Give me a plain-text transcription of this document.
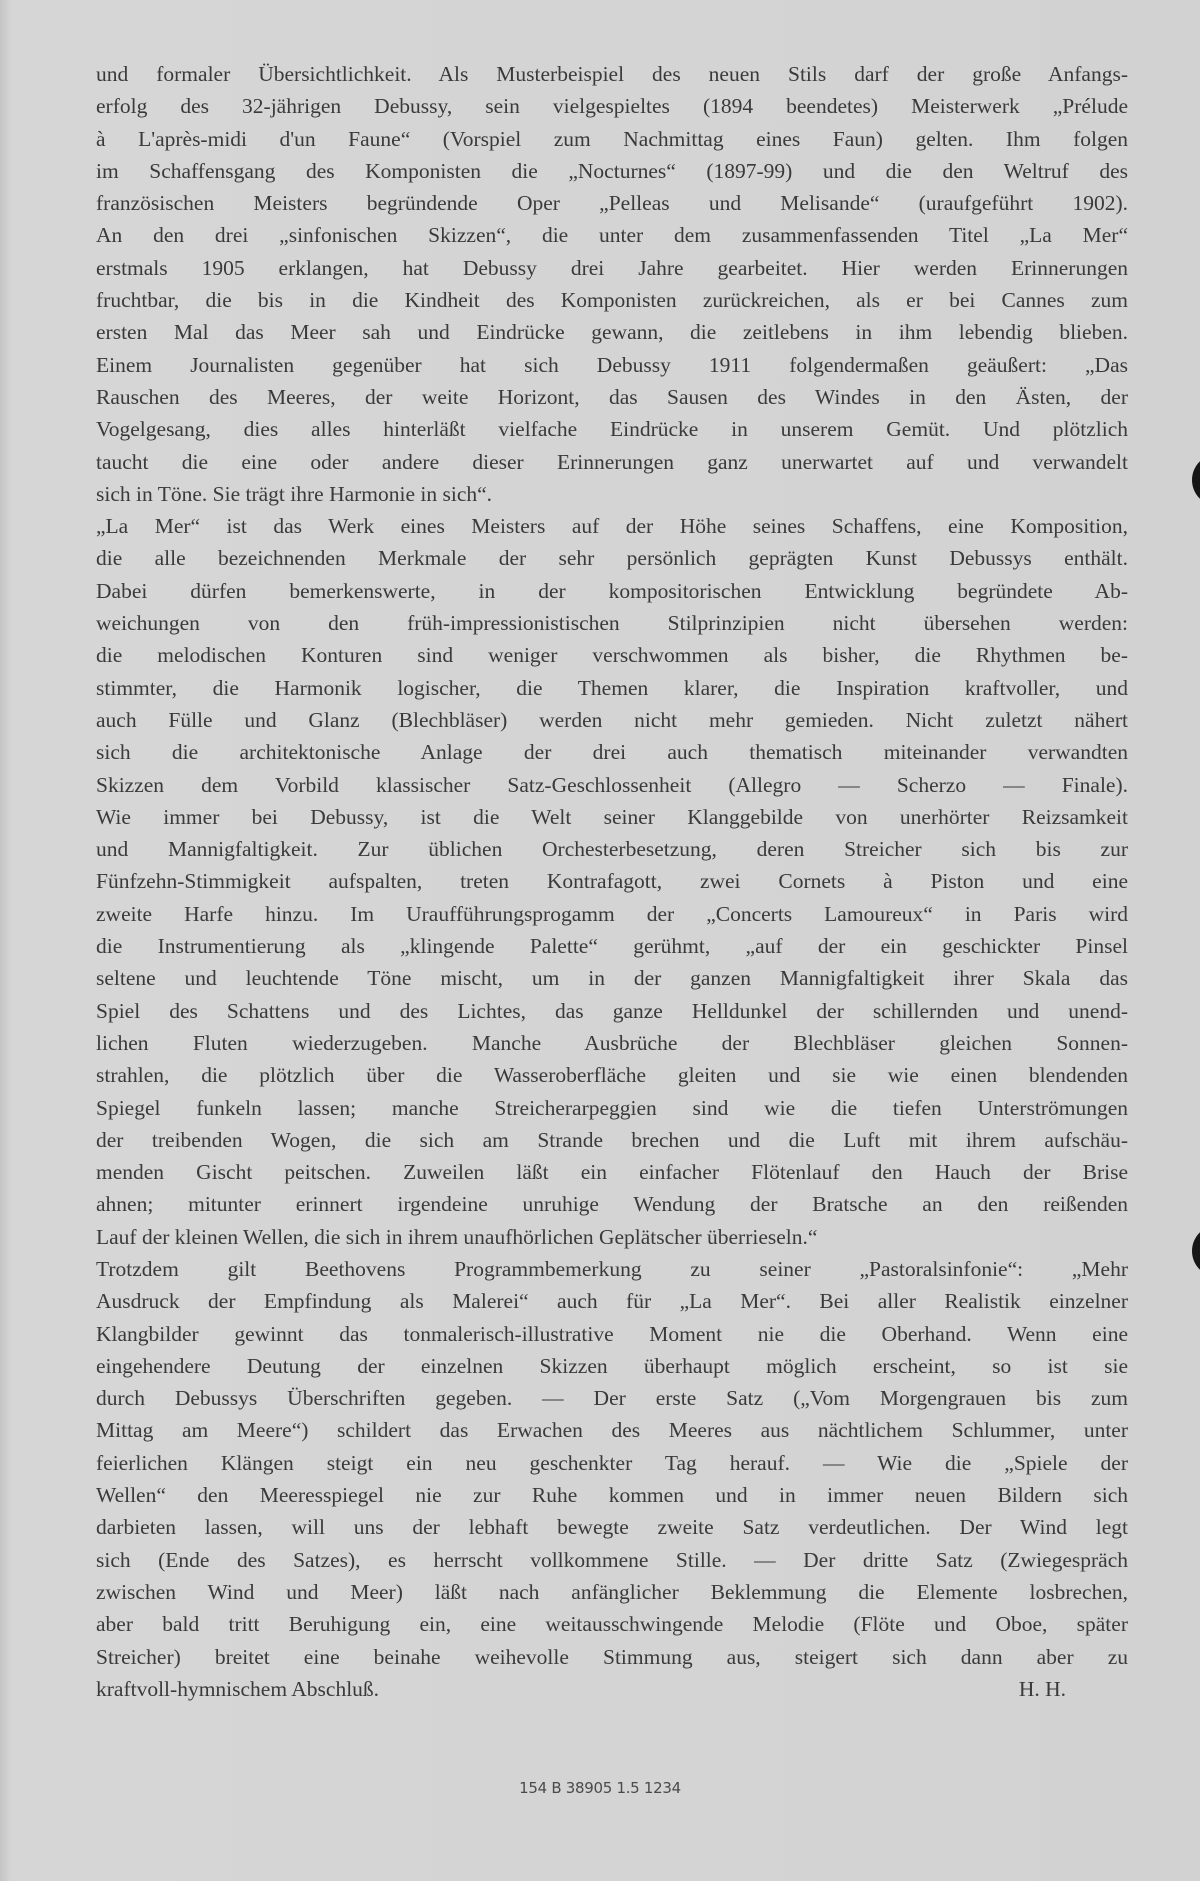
und formaler Übersichtlichkeit. Als Musterbeispiel des neuen Stils darf der große Anfangs-
erfolg des 32-jährigen Debussy, sein vielgespieltes (1894 beendetes) Meisterwerk „Prélude
à L'après-midi d'un Faune“ (Vorspiel zum Nachmittag eines Faun) gelten. Ihm folgen
im Schaffensgang des Komponisten die „Nocturnes“ (1897-99) und die den Weltruf des
französischen Meisters begründende Oper „Pelleas und Melisande“ (uraufgeführt 1902).
An den drei „sinfonischen Skizzen“, die unter dem zusammenfassenden Titel „La Mer“
erstmals 1905 erklangen, hat Debussy drei Jahre gearbeitet. Hier werden Erinnerungen
fruchtbar, die bis in die Kindheit des Komponisten zurückreichen, als er bei Cannes zum
ersten Mal das Meer sah und Eindrücke gewann, die zeitlebens in ihm lebendig blieben.
Einem Journalisten gegenüber hat sich Debussy 1911 folgendermaßen geäußert: „Das
Rauschen des Meeres, der weite Horizont, das Sausen des Windes in den Ästen, der
Vogelgesang, dies alles hinterläßt vielfache Eindrücke in unserem Gemüt. Und plötzlich
taucht die eine oder andere dieser Erinnerungen ganz unerwartet auf und verwandelt
sich in Töne. Sie trägt ihre Harmonie in sich“.
„La Mer“ ist das Werk eines Meisters auf der Höhe seines Schaffens, eine Komposition,
die alle bezeichnenden Merkmale der sehr persönlich geprägten Kunst Debussys enthält.
Dabei dürfen bemerkenswerte, in der kompositorischen Entwicklung begründete Ab-
weichungen von den früh-impressionistischen Stilprinzipien nicht übersehen werden:
die melodischen Konturen sind weniger verschwommen als bisher, die Rhythmen be-
stimmter, die Harmonik logischer, die Themen klarer, die Inspiration kraftvoller, und
auch Fülle und Glanz (Blechbläser) werden nicht mehr gemieden. Nicht zuletzt nähert
sich die architektonische Anlage der drei auch thematisch miteinander verwandten
Skizzen dem Vorbild klassischer Satz-Geschlossenheit (Allegro — Scherzo — Finale).
Wie immer bei Debussy, ist die Welt seiner Klanggebilde von unerhörter Reizsamkeit
und Mannigfaltigkeit. Zur üblichen Orchesterbesetzung, deren Streicher sich bis zur
Fünfzehn-Stimmigkeit aufspalten, treten Kontrafagott, zwei Cornets à Piston und eine
zweite Harfe hinzu. Im Uraufführungsprogamm der „Concerts Lamoureux“ in Paris wird
die Instrumentierung als „klingende Palette“ gerühmt, „auf der ein geschickter Pinsel
seltene und leuchtende Töne mischt, um in der ganzen Mannigfaltigkeit ihrer Skala das
Spiel des Schattens und des Lichtes, das ganze Helldunkel der schillernden und unend-
lichen Fluten wiederzugeben. Manche Ausbrüche der Blechbläser gleichen Sonnen-
strahlen, die plötzlich über die Wasseroberfläche gleiten und sie wie einen blendenden
Spiegel funkeln lassen; manche Streicherarpeggien sind wie die tiefen Unterströmungen
der treibenden Wogen, die sich am Strande brechen und die Luft mit ihrem aufschäu-
menden Gischt peitschen. Zuweilen läßt ein einfacher Flötenlauf den Hauch der Brise
ahnen; mitunter erinnert irgendeine unruhige Wendung der Bratsche an den reißenden
Lauf der kleinen Wellen, die sich in ihrem unaufhörlichen Geplätscher überrieseln.“
Trotzdem gilt Beethovens Programmbemerkung zu seiner „Pastoralsinfonie“: „Mehr
Ausdruck der Empfindung als Malerei“ auch für „La Mer“. Bei aller Realistik einzelner
Klangbilder gewinnt das tonmalerisch-illustrative Moment nie die Oberhand. Wenn eine
eingehendere Deutung der einzelnen Skizzen überhaupt möglich erscheint, so ist sie
durch Debussys Überschriften gegeben. — Der erste Satz („Vom Morgengrauen bis zum
Mittag am Meere“) schildert das Erwachen des Meeres aus nächtlichem Schlummer, unter
feierlichen Klängen steigt ein neu geschenkter Tag herauf. — Wie die „Spiele der
Wellen“ den Meeresspiegel nie zur Ruhe kommen und in immer neuen Bildern sich
darbieten lassen, will uns der lebhaft bewegte zweite Satz verdeutlichen. Der Wind legt
sich (Ende des Satzes), es herrscht vollkommene Stille. — Der dritte Satz (Zwiegespräch
zwischen Wind und Meer) läßt nach anfänglicher Beklemmung die Elemente losbrechen,
aber bald tritt Beruhigung ein, eine weitausschwingende Melodie (Flöte und Oboe, später
Streicher) breitet eine beinahe weihevolle Stimmung aus, steigert sich dann aber zu
kraftvoll-hymnischem Abschluß.	H. H.
154 B 38905 1.5 1234
